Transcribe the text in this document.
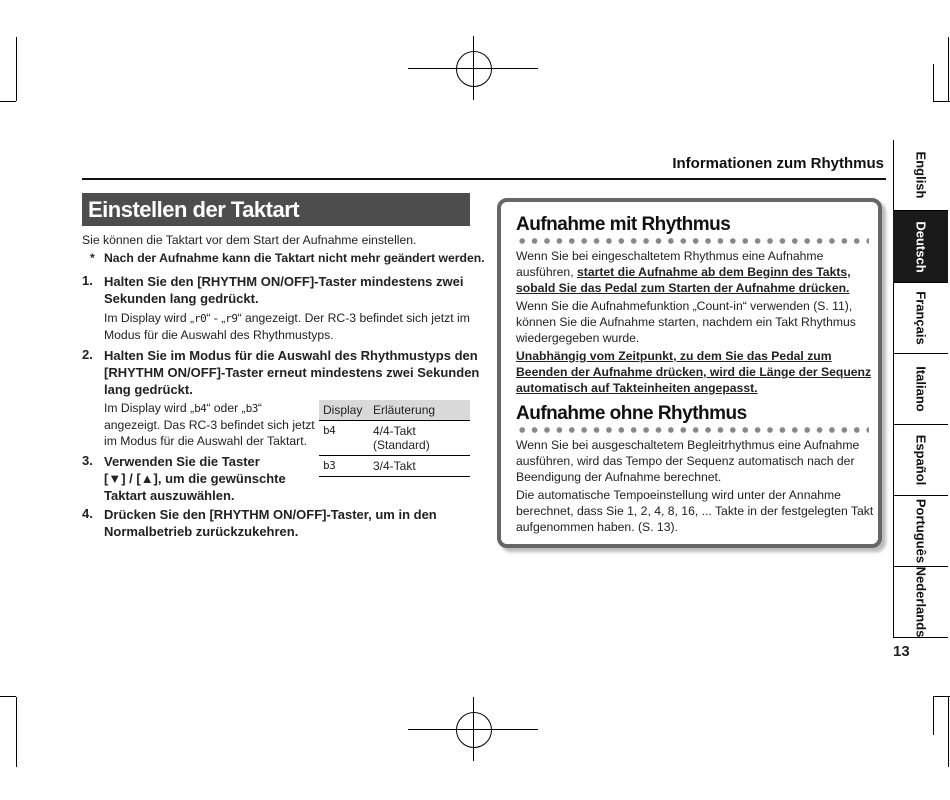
Informationen zum Rhythmus
Einstellen der Taktart
Sie können die Taktart vor dem Start der Aufnahme einstellen.
* Nach der Aufnahme kann die Taktart nicht mehr geändert werden.
1. Halten Sie den [RHYTHM ON/OFF]-Taster mindestens zwei
Sekunden lang gedrückt.
Im Display wird „r0“ - „r9“ angezeigt. Der RC-3 befindet sich jetzt im
Modus für die Auswahl des Rhythmustyps.
2. Halten Sie im Modus für die Auswahl des Rhythmustyps den
[RHYTHM ON/OFF]-Taster erneut mindestens zwei Sekunden
lang gedrückt.
Im Display wird „b4“ oder „b3“
angezeigt. Das RC-3 befindet sich jetzt
im Modus für die Auswahl der Taktart.
Display	Erläuterung
b4	4/4-Takt
(Standard)

b3	3/4-Takt
3. Verwenden Sie die Taster
[▼] / [▲], um die gewünschte
Taktart auszuwählen.
4. Drücken Sie den [RHYTHM ON/OFF]-Taster, um in den
Normalbetrieb zurückzukehren.
Aufnahme mit Rhythmus
Wenn Sie bei eingeschaltetem Rhythmus eine Aufnahme
ausführen, startet die Aufnahme ab dem Beginn des Takts,
sobald Sie das Pedal zum Starten der Aufnahme drücken.
Wenn Sie die Aufnahmefunktion „Count-in“ verwenden (S. 11),
können Sie die Aufnahme starten, nachdem ein Takt Rhythmus
wiedergegeben wurde.
Unabhängig vom Zeitpunkt, zu dem Sie das Pedal zum
Beenden der Aufnahme drücken, wird die Länge der Sequenz
automatisch auf Takteinheiten angepasst.
Aufnahme ohne Rhythmus
Wenn Sie bei ausgeschaltetem Begleitrhythmus eine Aufnahme
ausführen, wird das Tempo der Sequenz automatisch nach der
Beendigung der Aufnahme berechnet.
Die automatische Tempoeinstellung wird unter der Annahme
berechnet, dass Sie 1, 2, 4, 8, 16, ... Takte in der festgelegten Takt
aufgenommen haben. (S. 13).
English
Deutsch
Français
Italiano
Español
Português
Nederlands
13
